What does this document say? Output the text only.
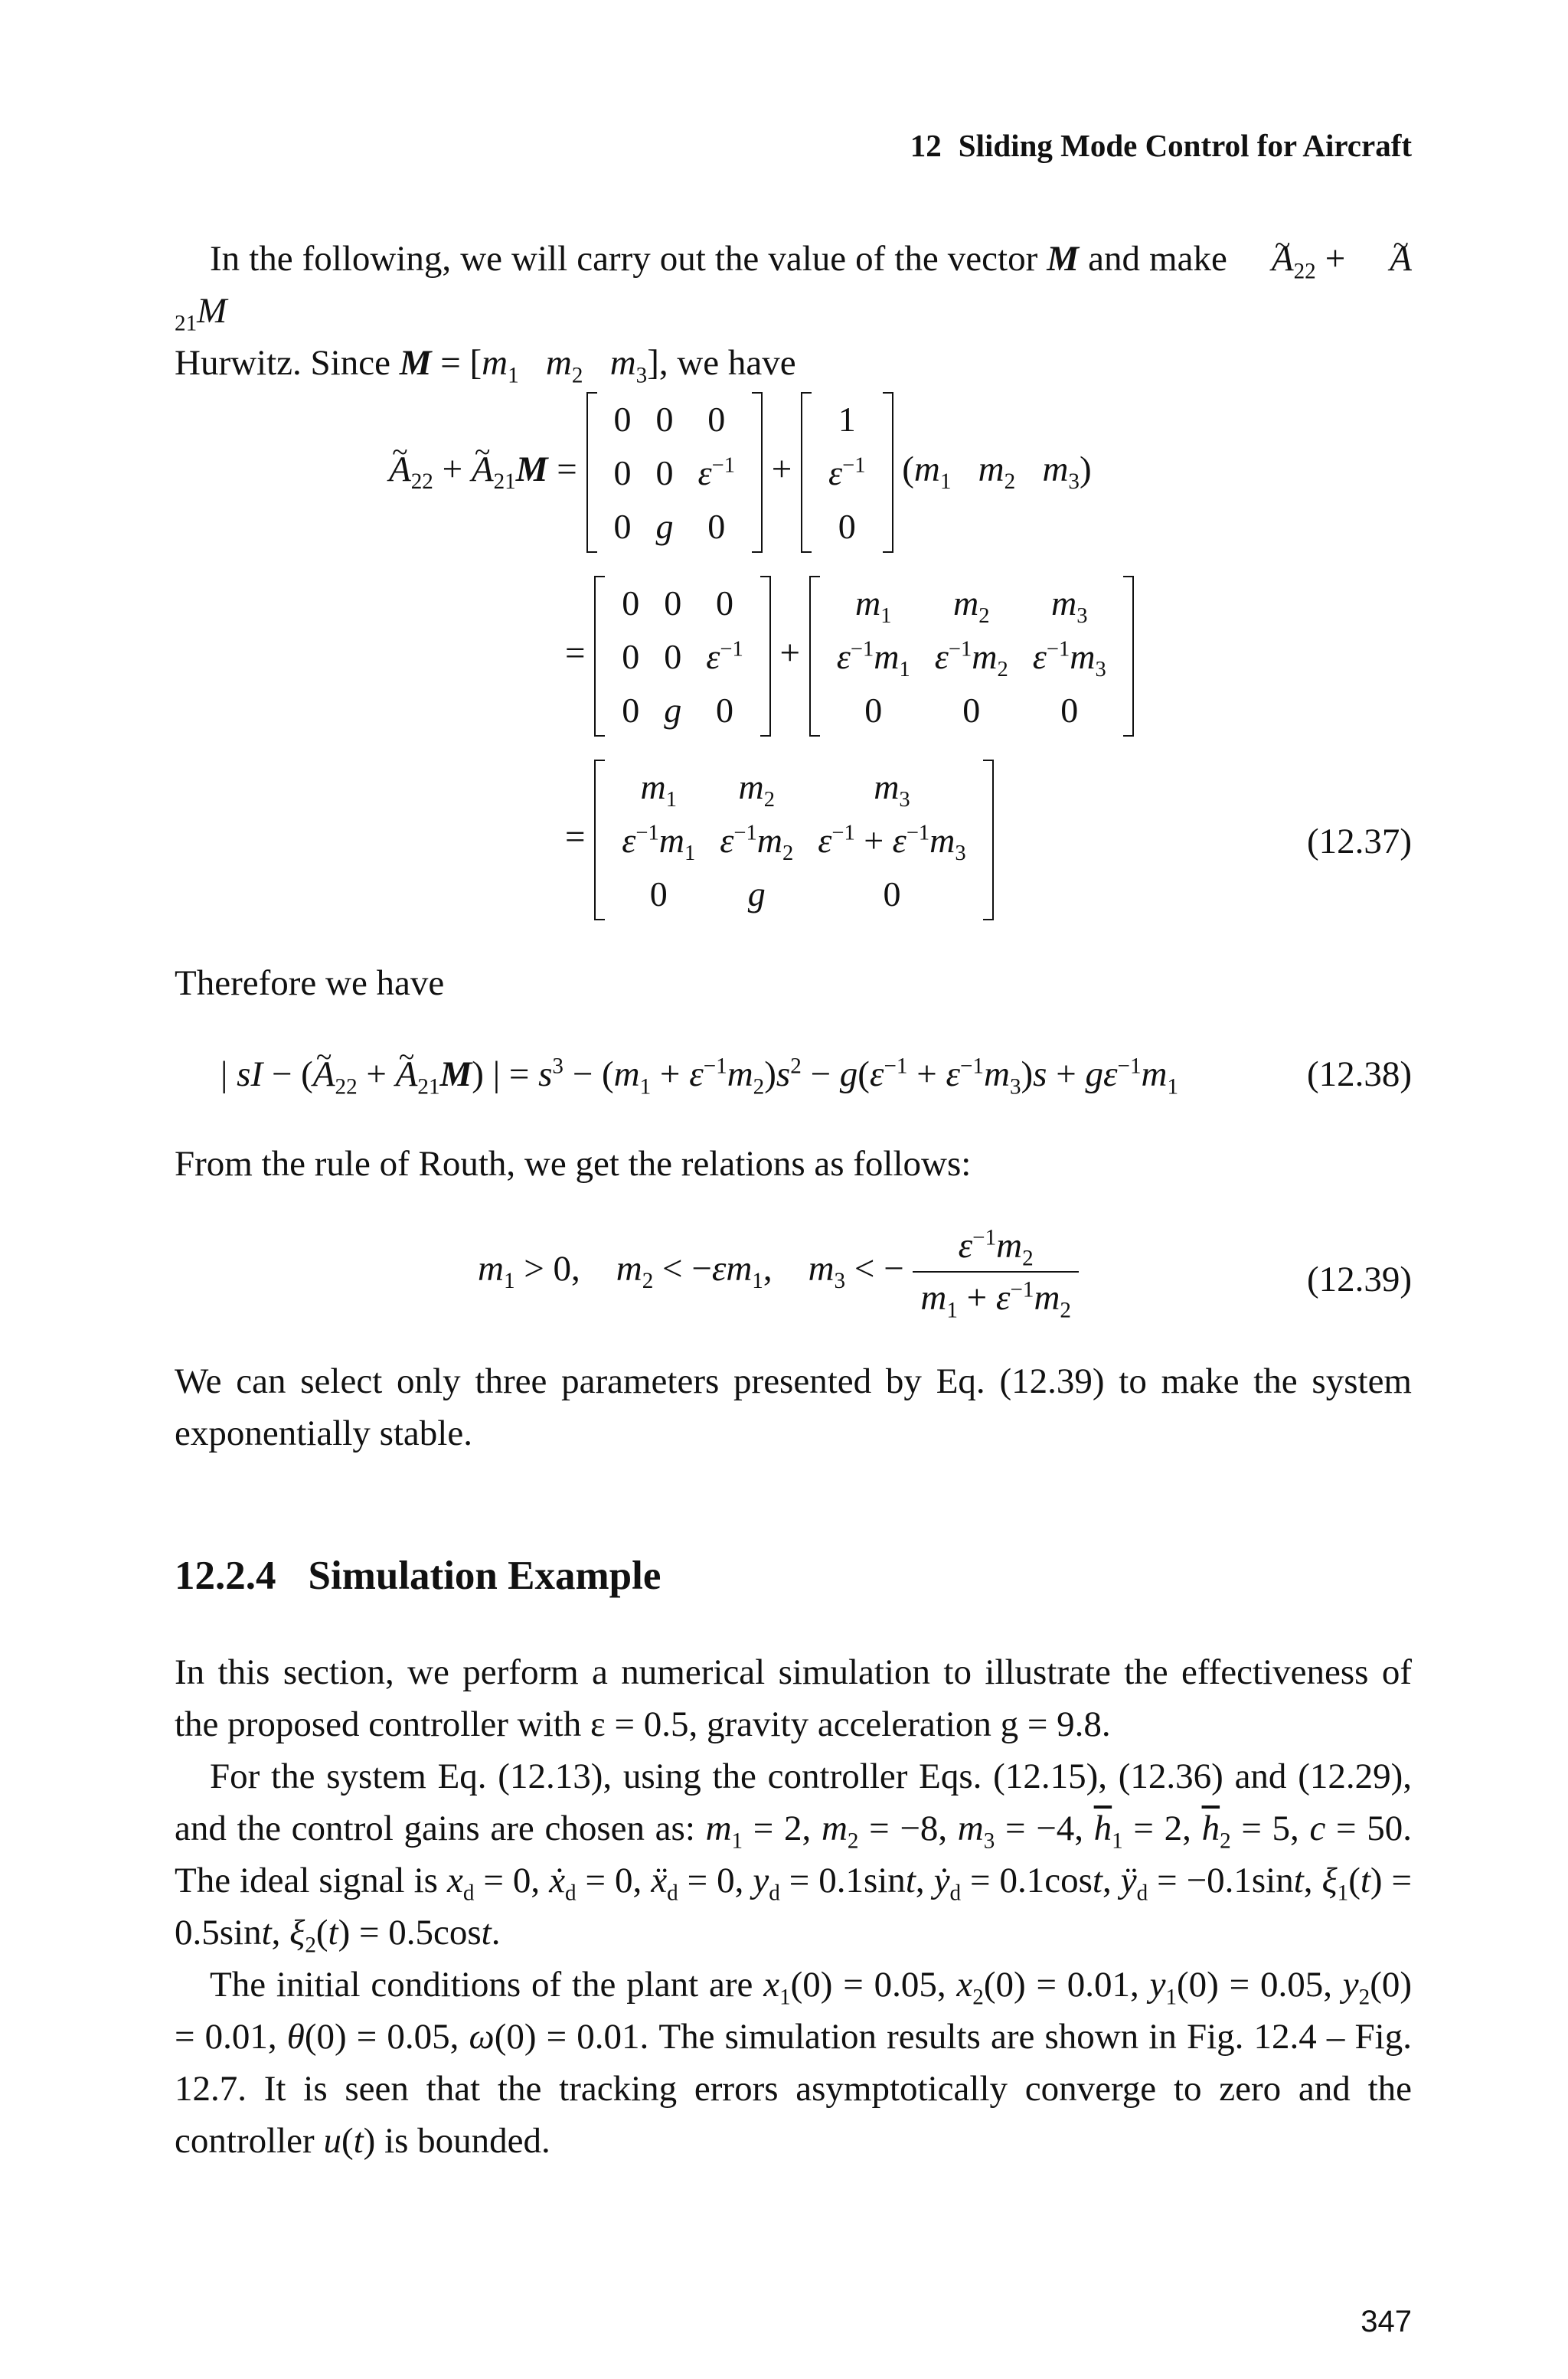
12 Sliding Mode Control for Aircraft

In the following, we will carry out the value of the vector M and make ~ $A_{22}$ + ~ $A_{21}M$
Hurwitz. Since $M = [m_1$ $m_2$ $m_3$], we have

~ $A_{22}$ + ~ $A_{21}M$ =
0	0	0
0	0	$\varepsilon^{-1}$
0	g	0
+
1
$\varepsilon^{-1}$
0
($m_1$ $m_2$ $m_3$)
=
0	0	0
0	0	$\varepsilon^{-1}$
0	g	0
+
$m_1$	$m_2$	$m_3$
$\varepsilon^{-1}m_1$	$\varepsilon^{-1}m_2$	$\varepsilon^{-1}m_3$
0	0	0
=
$m_1$	$m_2$	$m_3$
$\varepsilon^{-1}m_1$	$\varepsilon^{-1}m_2$	$\varepsilon^{-1} + \varepsilon^{-1}m_3$
0	g	0
(12.37)

Therefore we have

| sI − (~ $A_{22}$ + ~ $A_{21}M$) | = $s^3 - (m_1 + \varepsilon^{-1}m_2)s^2 - g(\varepsilon^{-1} + \varepsilon^{-1}m_3)s + g\varepsilon^{-1}m_1$	(12.38)

From the rule of Routh, we get the relations as follows:

$m_1 > 0$,    $m_2 < -\varepsilon m_1$,    $m_3$ < − $\frac{\varepsilon^{-1}m_2}{m_1 + \varepsilon^{-1}m_2}$	(12.39)

We can select only three parameters presented by Eq. (12.39) to make the system exponentially stable.

12.2.4 Simulation Example

In this section, we perform a numerical simulation to illustrate the effectiveness of the proposed controller with ε = 0.5, gravity acceleration g = 9.8.

For the system Eq. (12.13), using the controller Eqs. (12.15), (12.36) and (12.29), and the control gains are chosen as: $m_1 = 2$, $m_2 = -8$, $m_3 = -4$, $\overline{h}_1 = 2$, $\overline{h}_2 = 5$, c = 50. The ideal signal is $x_d = 0$, ẋ$_d$ = 0, ẍ$_d$ = 0, $y_d = 0.1\sin t$, ẏ$_d$ = 0.1cost, $ÿ_d = -0.1\sin t$, $\xi_1(t) = 0.5\sin t$, $\xi_2(t) = 0.5\cos t$.

The initial conditions of the plant are $x_1(0) = 0.05$, $x_2(0) = 0.01$, $y_1(0) = 0.05$, $y_2(0) = 0.01$, θ(0) = 0.05, ω(0) = 0.01. The simulation results are shown in Fig. 12.4 – Fig. 12.7. It is seen that the tracking errors asymptotically converge to zero and the controller u(t) is bounded.

347
